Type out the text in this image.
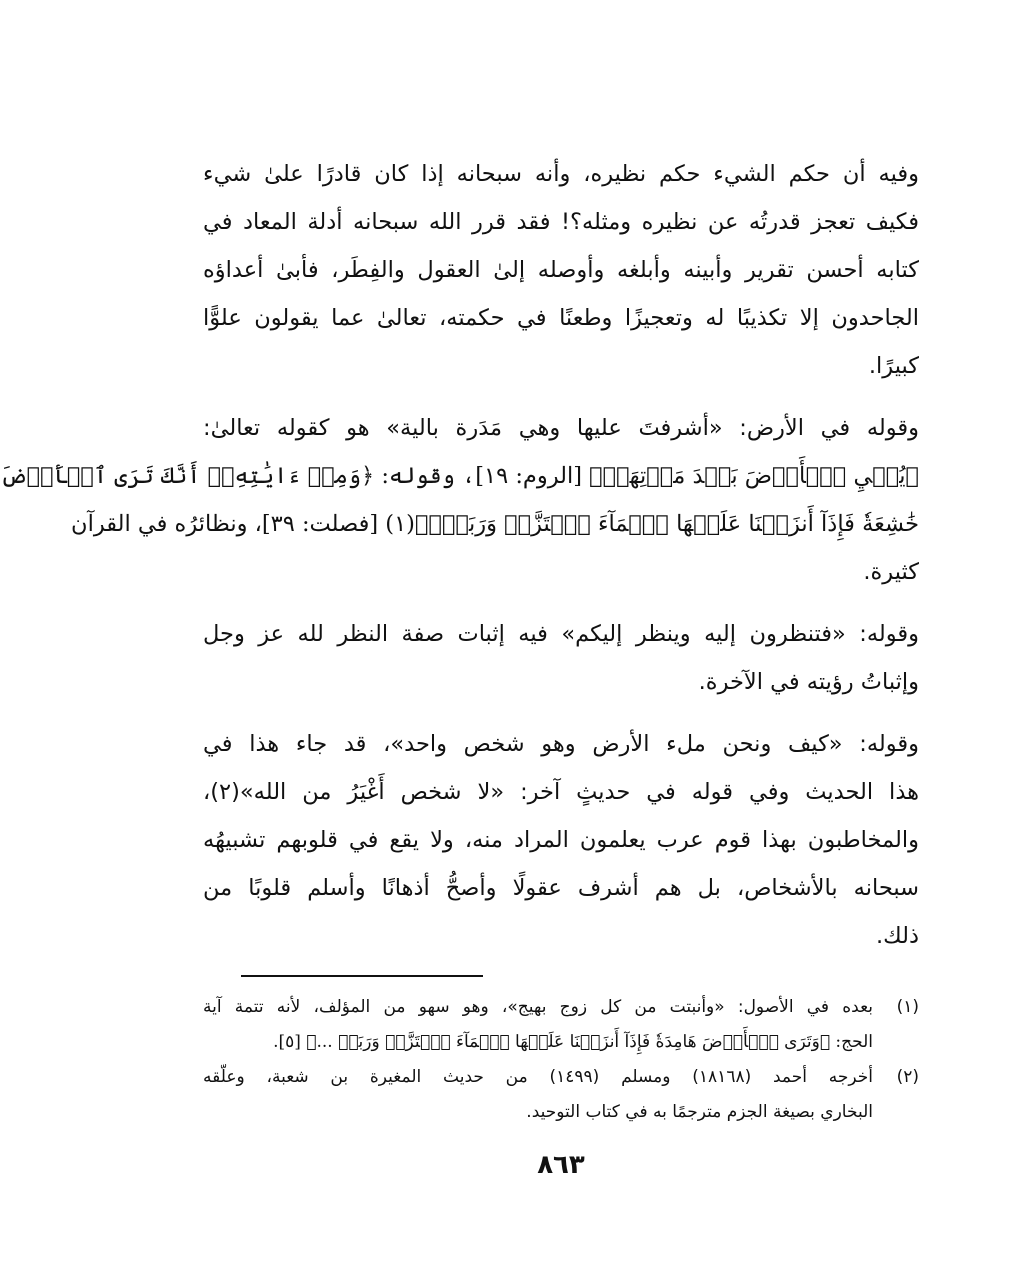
وفيه أن حكم الشيء حكم نظيره، وأنه سبحانه إذا كان قادرًا علىٰ شيء
فكيف تعجز قدرتُه عن نظيره ومثله؟! فقد قرر الله سبحانه أدلة المعاد في
كتابه أحسن تقرير وأبينه وأبلغه وأوصله إلىٰ العقول والفِطَر، فأبىٰ أعداؤه
الجاحدون إلا تكذيبًا له وتعجيزًا وطعنًا في حكمته، تعالىٰ عما يقولون علوًّا
كبيرًا.

وقوله في الأرض: «أشرفتَ عليها وهي مَدَرة بالية» هو كقوله تعالىٰ:
﴿يُحۡيِ ٱلۡأَرۡضَ بَعۡدَ مَوۡتِهَآۚ﴾ [الروم: ١٩]، وقوله: ﴿وَمِنۡ ءَايَٰتِهِۦٓ أَنَّكَ تَرَى ٱلۡأَرۡضَ
خَٰشِعَةٗ فَإِذَآ أَنزَلۡنَا عَلَيۡهَا ٱلۡمَآءَ ٱهۡتَزَّتۡ وَرَبَتۡۚ﴾(١) [فصلت: ٣٩]، ونظائرُه في القرآن
كثيرة.

وقوله: «فتنظرون إليه وينظر إليكم» فيه إثبات صفة النظر لله عز وجل
وإثباتُ رؤيته في الآخرة.

وقوله: «كيف ونحن ملء الأرض وهو شخص واحد»، قد جاء هذا في
هذا الحديث وفي قوله في حديثٍ آخر: «لا شخص أَغْيَرُ من الله»(٢)،
والمخاطبون بهذا قوم عرب يعلمون المراد منه، ولا يقع في قلوبهم تشبيهُه
سبحانه بالأشخاص، بل هم أشرف عقولًا وأصحُّ أذهانًا وأسلم قلوبًا من
ذلك.

(١)
بعده في الأصول: «وأنبتت من كل زوج بهيج»، وهو سهو من المؤلف، لأنه تتمة آية
الحج: ﴿وَتَرَى ٱلۡأَرۡضَ هَامِدَةٗ فَإِذَآ أَنزَلۡنَا عَلَيۡهَا ٱلۡمَآءَ ٱهۡتَزَّتۡ وَرَبَتۡ ...﴾ [٥].
(٢)
أخرجه أحمد (١٨١٦٨) ومسلم (١٤٩٩) من حديث المغيرة بن شعبة، وعلّقه
البخاري بصيغة الجزم مترجمًا به في كتاب التوحيد.
٨٦٣
